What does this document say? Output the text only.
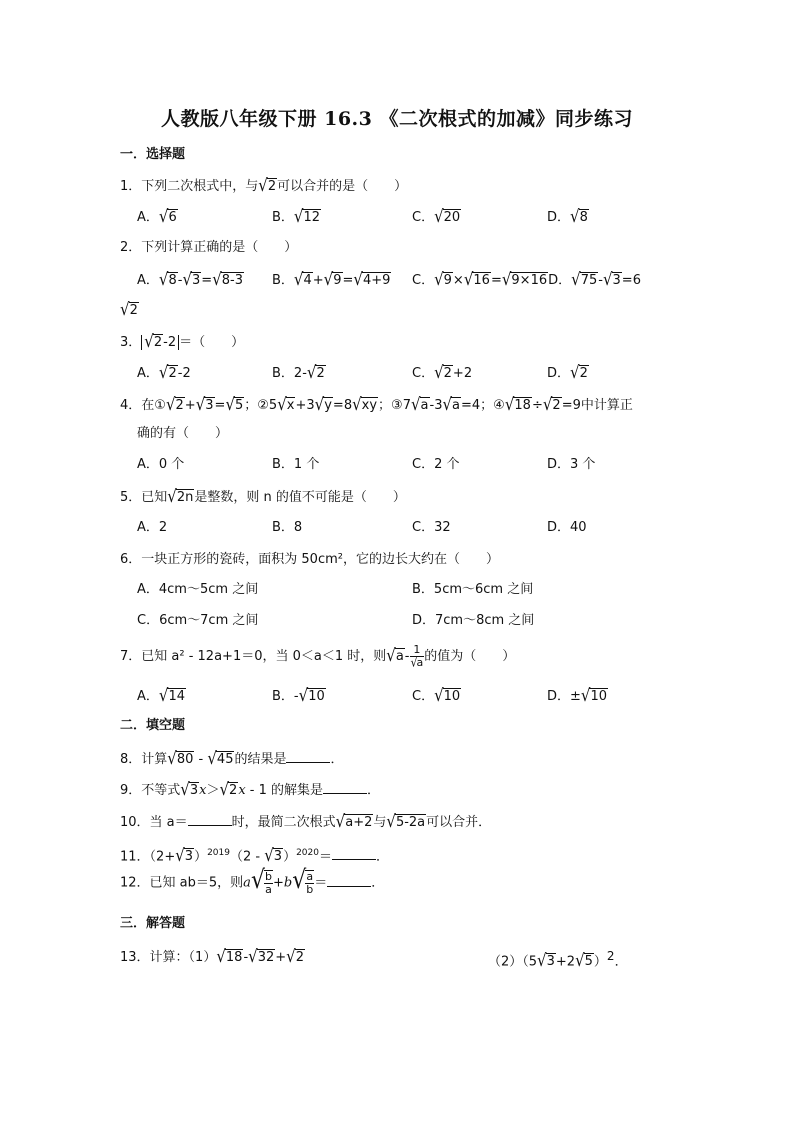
人教版八年级下册 16.3 《二次根式的加减》同步练习
一．选择题
1．下列二次根式中，与√2可以合并的是（　　）
A．√6	B．√12	C．√20	D．√8
2．下列计算正确的是（　　）
A．√8-√3=√8-3 B．√4+√9=√4+9 C．√9×√16=√9×16D．√75-√3=6
√2
3． √2-2 ＝（　　）
A．√2-2	B．2-√2	C．√2+2	D．√2
4．在①√2+√3=√5；②5√x+3√y=8√xy；③7√a-3√a=4；④√18÷√2=9中计算正
确的有（　　）
A．0 个	B．1 个	C．2 个	D．3 个
5．已知√2n是整数，则 n 的值不可能是（　　）
A．2	B．8	C．32	D．40
6．一块正方形的瓷砖，面积为 50cm²，它的边长大约在（　　）
A．4cm～5cm 之间	B．5cm～6cm 之间
C．6cm～7cm 之间	D．7cm～8cm 之间
7．已知 a² - 12a+1＝0，当 0＜a＜1 时，则$√a- \frac{1}{√a}$ 的值为（　　）
A．√14	B．-√10	C．√10	D．±√10
二．填空题
8．计算√80 - √45的结果是	．
9．不等式√3x＞√2x - 1 的解集是	．
10．当 a＝	时，最简二次根式√a+2与√5-2a可以合并．
11．$(2+√3)^{2019}(2 - √3)^{2020}=$	．
12．已知 ab＝5，则$a√ \frac{b}{a} +b√ \frac{a}{b}$ ＝	．
三．解答题
13．计算：（1）√18-√32+√2	$(2)(5√3+2√5)^2$．
